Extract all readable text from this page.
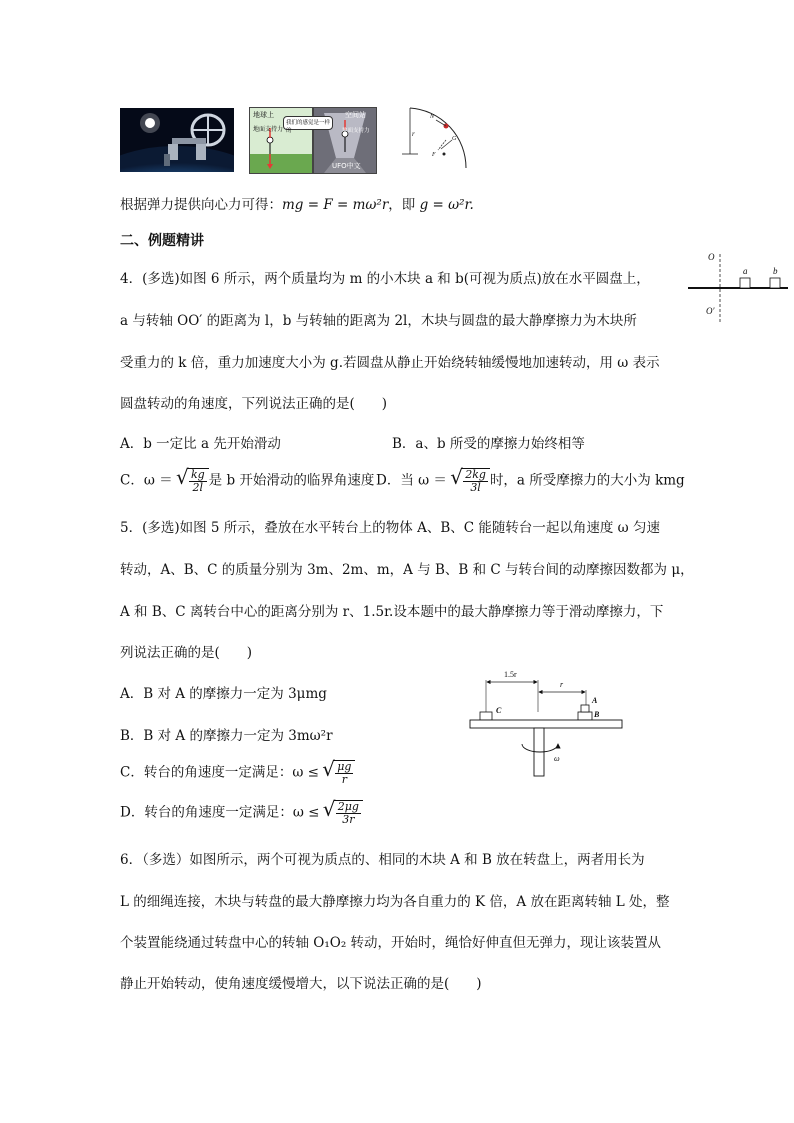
地球上
地面支持力
我们的感觉是一样的
空间站
地面支持力
UFO中文
r
N
F
G
根据弹力提供向心力可得：mg = F = mω²r，即 g = ω²r.
二、例题精讲
4．(多选)如图 6 所示，两个质量均为 m 的小木块 a 和 b(可视为质点)放在水平圆盘上，
a 与转轴 OO′ 的距离为 l，b 与转轴的距离为 2l，木块与圆盘的最大静摩擦力为木块所
受重力的 k 倍，重力加速度大小为 g.若圆盘从静止开始绕转轴缓慢地加速转动，用 ω 表示
圆盘转动的角速度，下列说法正确的是(　　)
A．b 一定比 a 先开始滑动	B．a、b 所受的摩擦力始终相等
C．ω ＝ √ $\frac{kg}{2l}$ 是 b 开始滑动的临界角速度 D．当 ω ＝ √ $\frac{2kg}{3l}$ 时，a 所受摩擦力的大小为 kmg
O
O′
a	b
5．(多选)如图 5 所示，叠放在水平转台上的物体 A、B、C 能随转台一起以角速度 ω 匀速
转动，A、B、C 的质量分别为 3m、2m、m，A 与 B、B 和 C 与转台间的动摩擦因数都为 μ，
A 和 B、C 离转台中心的距离分别为 r、1.5r.设本题中的最大静摩擦力等于滑动摩擦力，下
列说法正确的是(　　)
A．B 对 A 的摩擦力一定为 3μmg
B．B 对 A 的摩擦力一定为 3mω²r
C．转台的角速度一定满足：ω ≤ √ $\frac{\mu g}{r}$
D．转台的角速度一定满足：ω ≤ √ $\frac{2\mu g}{3r}$
1.5r
r
C
A
B
ω
6．（多选）如图所示，两个可视为质点的、相同的木块 A 和 B 放在转盘上，两者用长为
L 的细绳连接，木块与转盘的最大静摩擦力均为各自重力的 K 倍，A 放在距离转轴 L 处，整
个装置能绕通过转盘中心的转轴 O₁O₂ 转动，开始时，绳恰好伸直但无弹力，现让该装置从
静止开始转动，使角速度缓慢增大，以下说法正确的是(　　)
